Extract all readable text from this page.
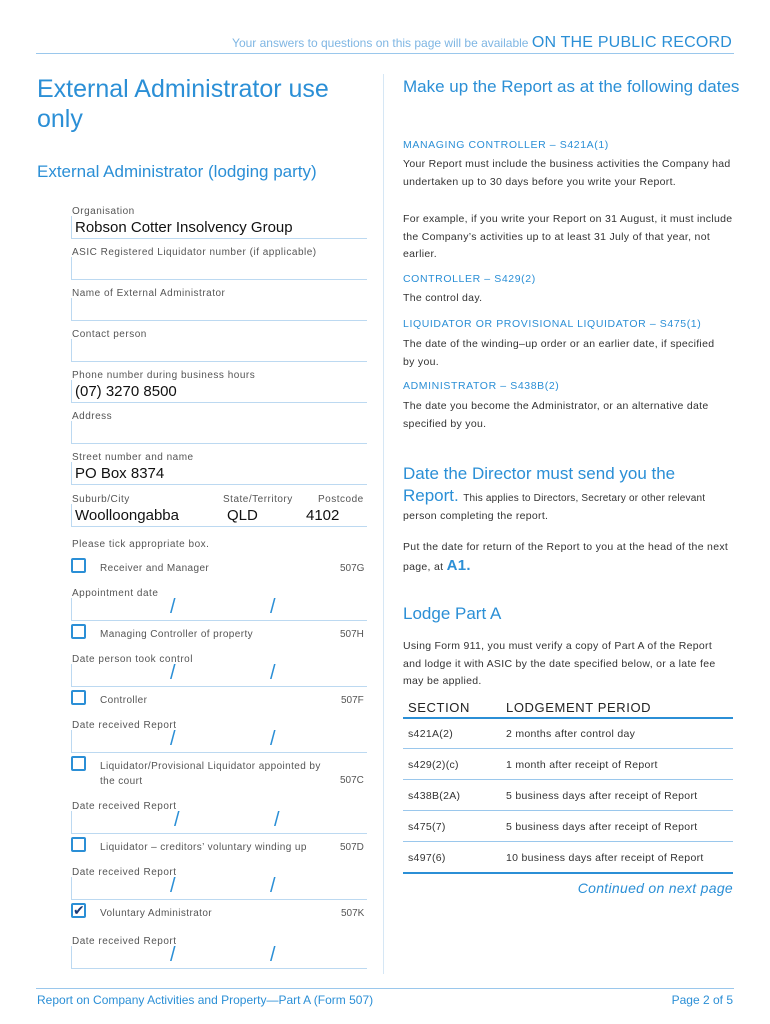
Your answers to questions on this page will be available ON THE PUBLIC RECORD
External Administrator use only
External Administrator (lodging party)
Organisation
Robson Cotter Insolvency Group
ASIC Registered Liquidator number (if applicable)
Name of External Administrator
Contact person
Phone number during business hours
(07) 3270 8500
Address
Street number and name
PO Box 8374
Suburb/City	State/Territory	Postcode
Woolloongabba	QLD	4102
Please tick appropriate box.
Receiver and Manager	507G
Appointment date
/	/
Managing Controller of property	507H
Date person took control
/	/
Controller	507F
Date received Report
/	/
Liquidator/Provisional Liquidator appointed by the court	507C
Date received Report
/	/
Liquidator – creditors’ voluntary winding up	507D
Date received Report
/	/
✔ Voluntary Administrator	507K
Date received Report
/	/
Make up the Report as at the following dates
MANAGING CONTROLLER – S421A(1)
Your Report must include the business activities the Company had undertaken up to 30 days before you write your Report.
For example, if you write your Report on 31 August, it must include the Company’s activities up to at least 31 July of that year, not earlier.
CONTROLLER – S429(2)
The control day.
LIQUIDATOR OR PROVISIONAL LIQUIDATOR – S475(1)
The date of the winding–up order or an earlier date, if specified by you.
ADMINISTRATOR – S438B(2)
The date you become the Administrator, or an alternative date specified by you.
Date the Director must send you the
Report. This applies to Directors, Secretary or other relevant
person completing the report.
Put the date for return of the Report to you at the head of the next page, at A1.
Lodge Part A
Using Form 911, you must verify a copy of Part A of the Report and lodge it with ASIC by the date specified below, or a late fee may be applied.
SECTION	LODGEMENT PERIOD
s421A(2)	2 months after control day
s429(2)(c)	1 month after receipt of Report
s438B(2A)	5 business days after receipt of Report
s475(7)	5 business days after receipt of Report
s497(6)	10 business days after receipt of Report
Continued on next page
Report on Company Activities and Property—Part A (Form 507)	Page 2 of 5
